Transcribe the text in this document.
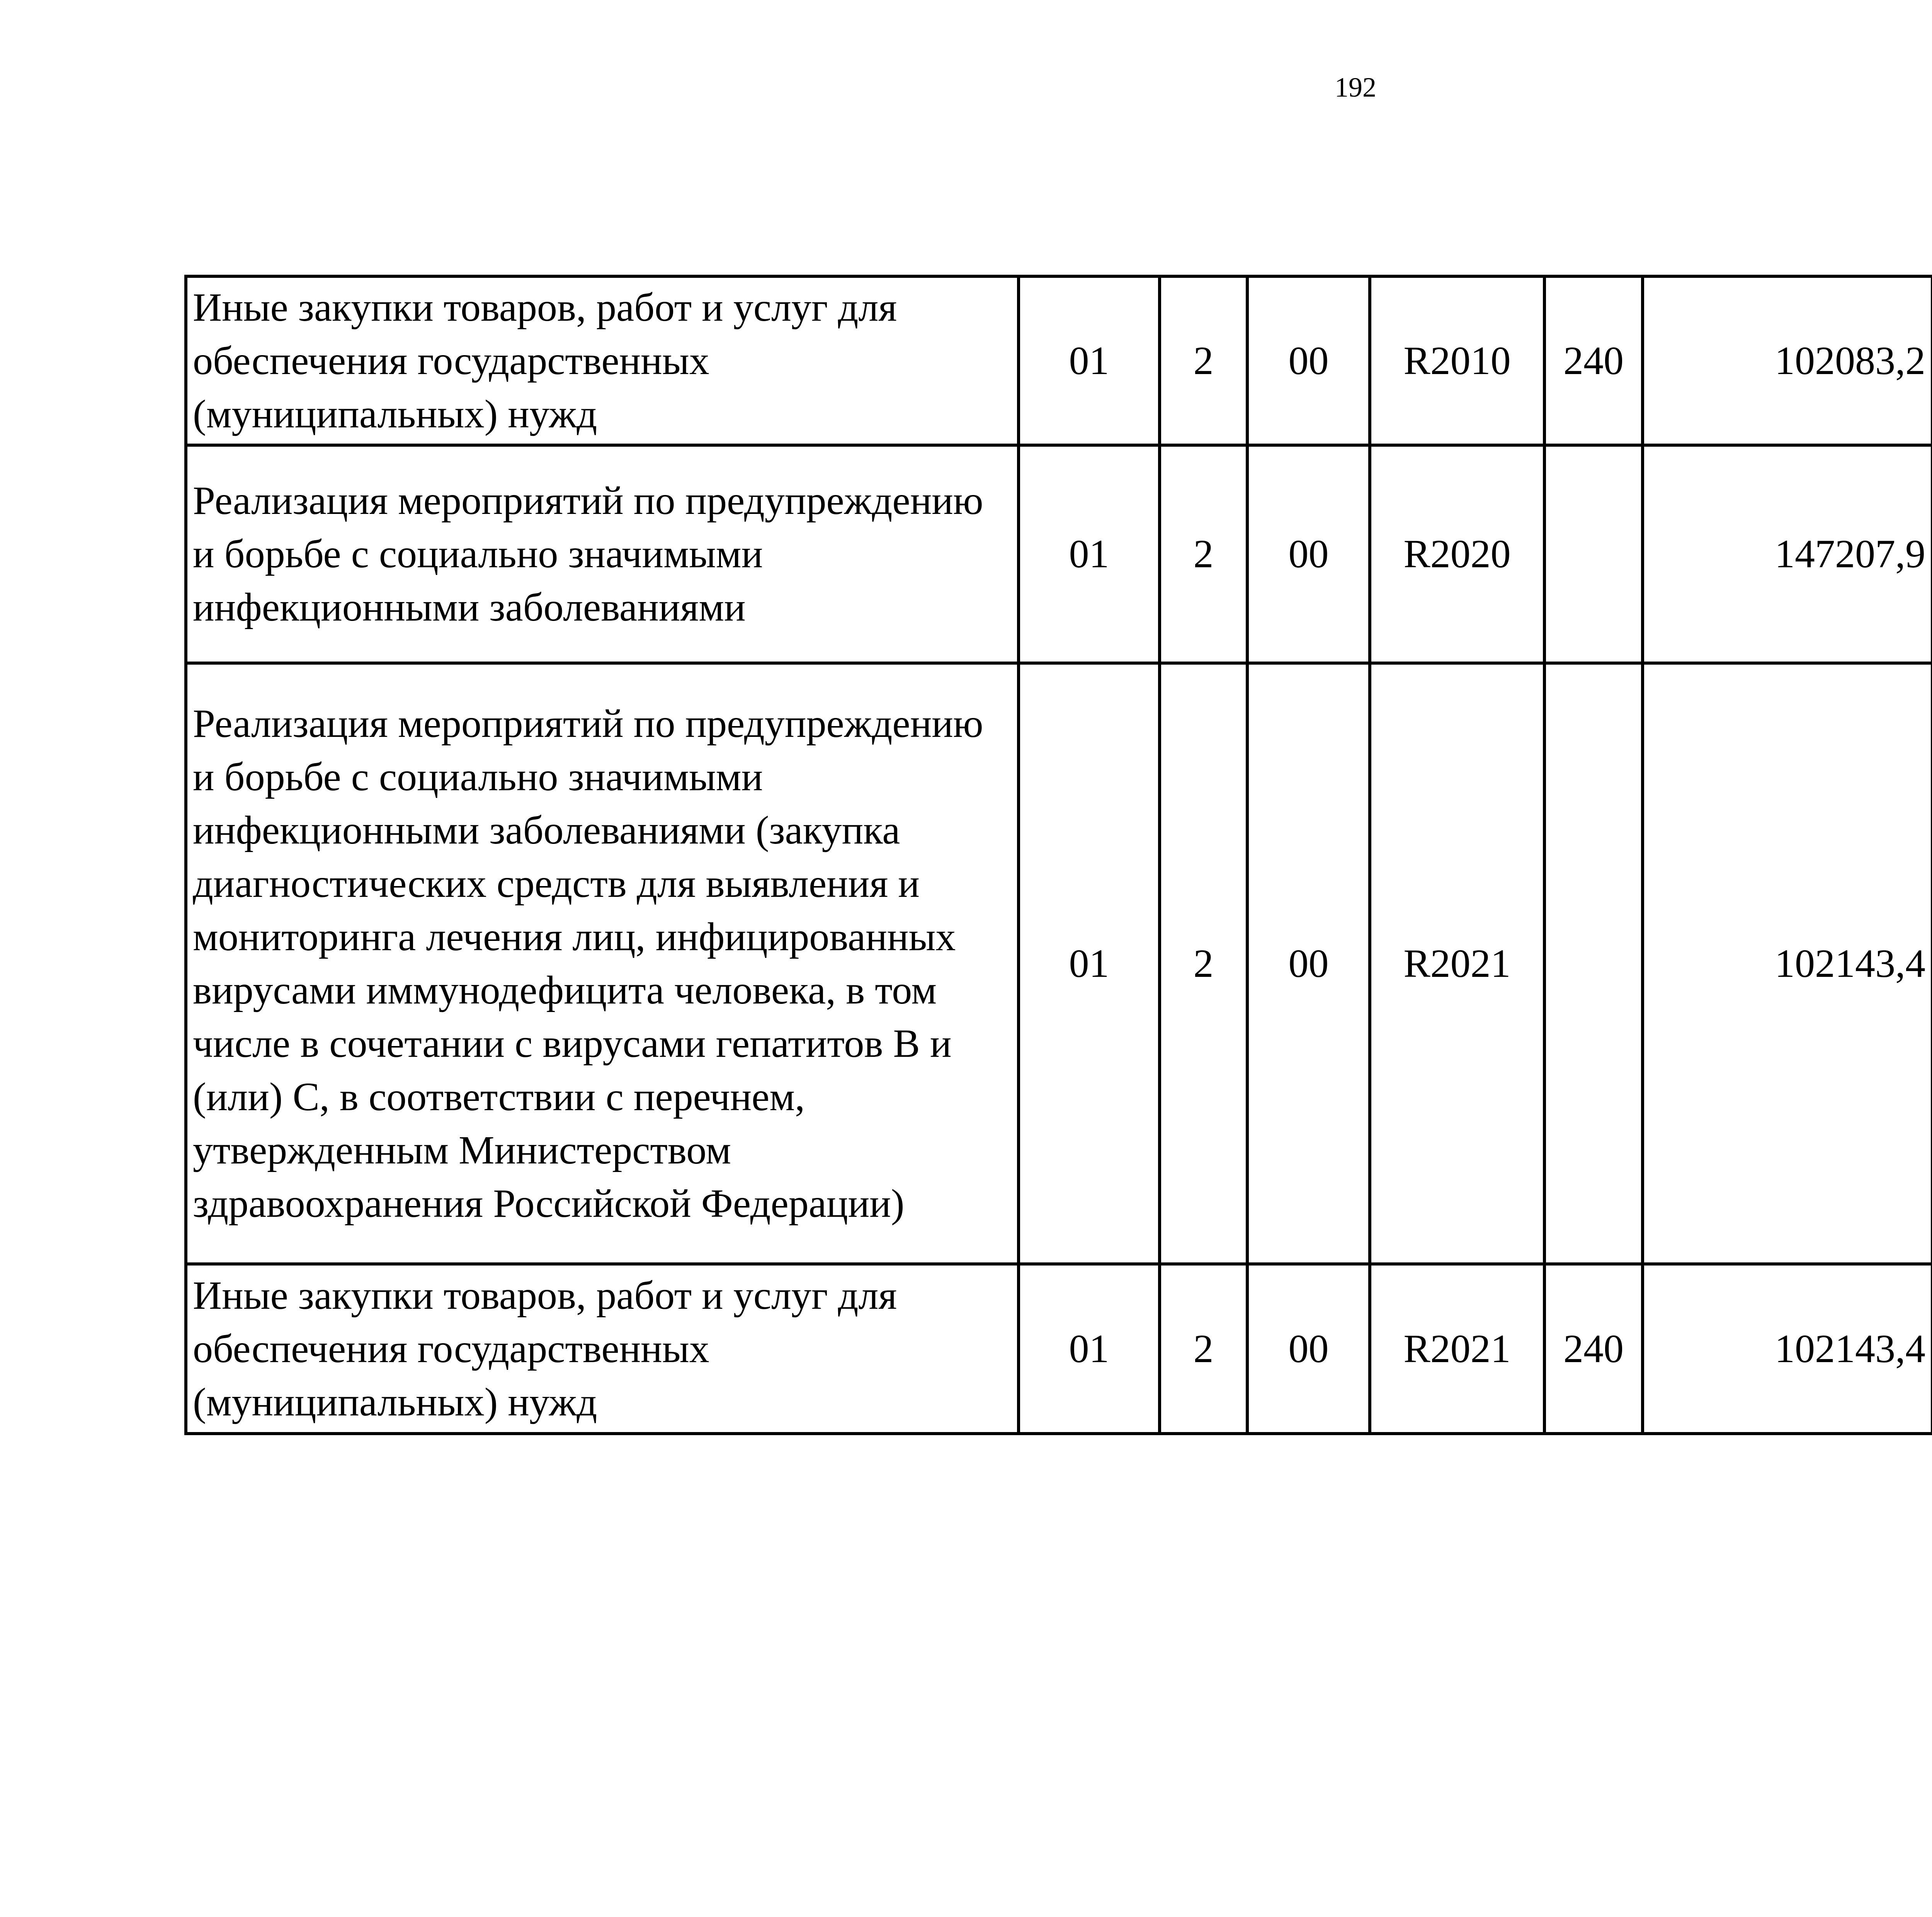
192
Иные закупки товаров, работ и услуг для обеспечения государственных (муниципальных) нужд	01	2	00	R2010	240	102083,2		
Реализация мероприятий по предупреждению и борьбе с социально значимыми инфекционными заболеваниями	01	2	00	R2020		147207,9		
Реализация мероприятий по предупреждению и борьбе с социально значимыми инфекционными заболеваниями (закупка диагностических средств для выявления и мониторинга лечения лиц, инфицированных вирусами иммунодефицита человека, в том числе в сочетании с вирусами гепатитов B и (или) C, в соответствии с перечнем, утвержденным Министерством здравоохранения Российской Федерации)	01	2	00	R2021		102143,4		
Иные закупки товаров, работ и услуг для обеспечения государственных (муниципальных) нужд	01	2	00	R2021	240	102143,4		
